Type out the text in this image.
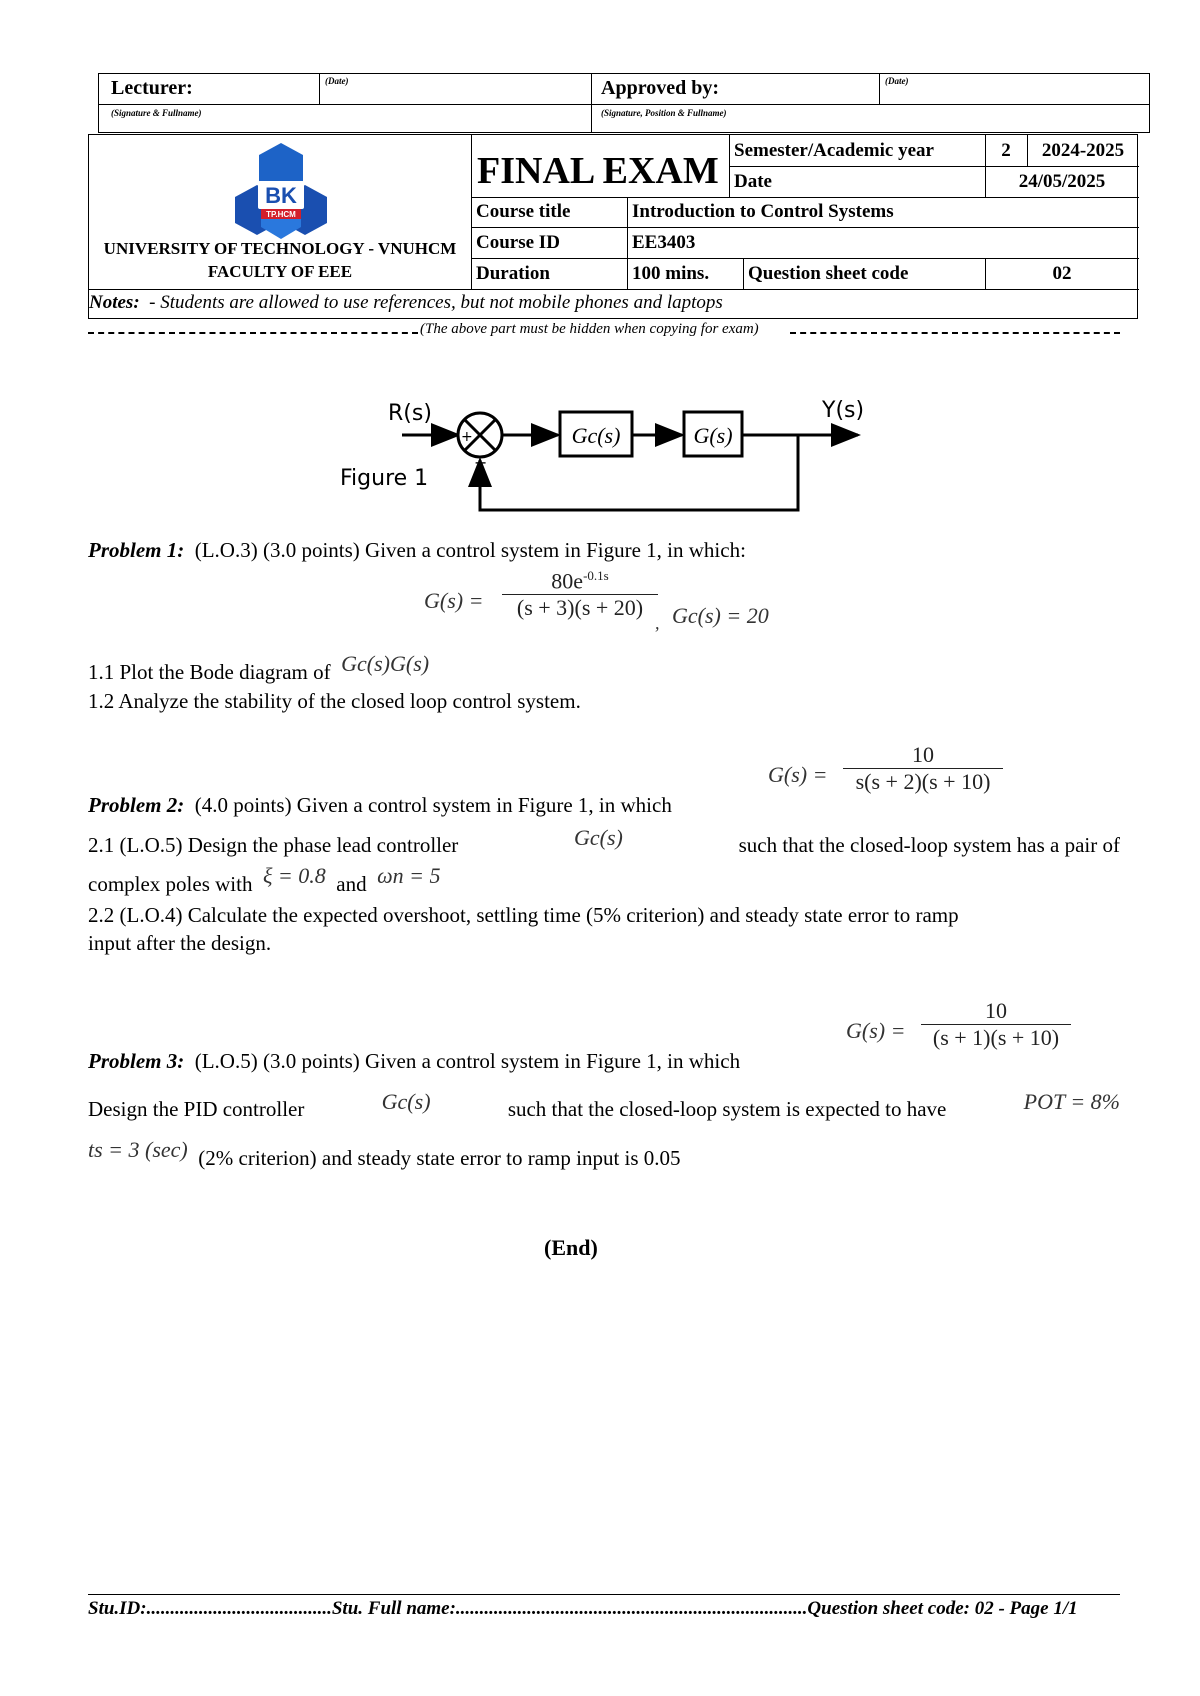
Lecturer:	(Date)
(Signature & Fullname)
Approved by:	(Date)
(Signature, Position & Fullname)
BK
TP.HCM
UNIVERSITY OF TECHNOLOGY - VNUHCM
FACULTY OF EEE
FINAL EXAM Semester/Academic year	2	2024-2025
Date	24/05/2025
Course title	Introduction to Control Systems
Course ID	EE3403
Duration	100 mins.	Question sheet code	02
Notes: - Students are allowed to use references, but not mobile phones and laptops
(The above part must be hidden when copying for exam)
R(s)	Y(s)
Figure 1
+
−
Gc(s)	G(s)
Problem 1: (L.O.3) (3.0 points) Given a control system in Figure 1, in which:
$G(s) = \frac{80e^{-0.1s}}{(s + 3)(s + 20)}$
, Gc(s) = 20
1.1 Plot the Bode diagram of Gc(s)G(s)
1.2 Analyze the stability of the closed loop control system.
$G(s) = \frac{10}{s(s + 2)(s + 10)}$
Problem 2: (4.0 points) Given a control system in Figure 1, in which
2.1 (L.O.5) Design the phase lead controller	Gc(s)	such that the closed-loop system has a pair of
complex poles with ξ = 0.8 and ωn = 5
2.2 (L.O.4) Calculate the expected overshoot, settling time (5% criterion) and steady state error to ramp
input after the design.
$G(s) = \frac{10}{(s + 1)(s + 10)}$
Problem 3: (L.O.5) (3.0 points) Given a control system in Figure 1, in which
Design the PID controller	Gc(s)	such that the closed-loop system is expected to have	POT = 8%
ts = 3 (sec) (2% criterion) and steady state error to ramp input is 0.05
(End)
Stu.ID:.......................................Stu. Full name:..........................................................................Question sheet code: 02 - Page 1/1
